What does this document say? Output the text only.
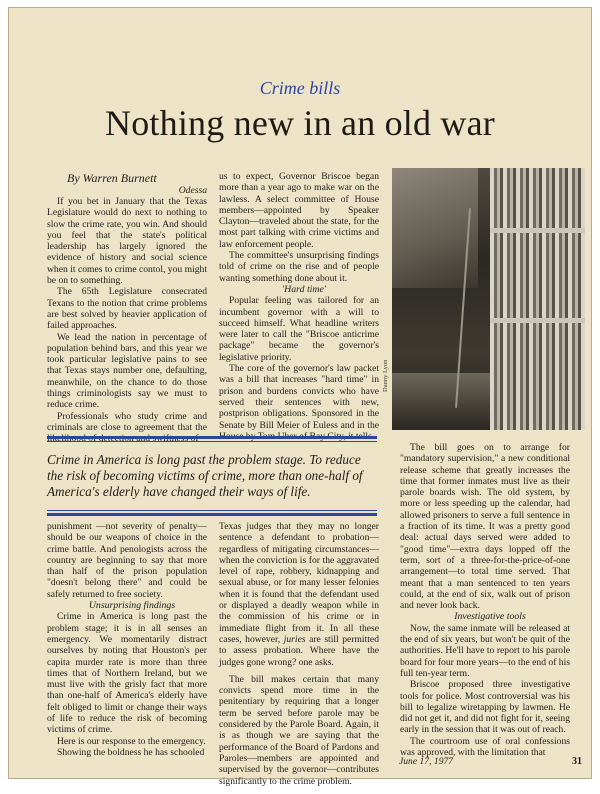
Crime bills
Nothing new in an old war
By Warren Burnett
Odessa

If you bet in January that the Texas Legislature would do next to nothing to slow the crime rate, you win. And should you feel that the state's political leadership has largely ignored the evidence of history and social science when it comes to crime contol, you might be on to something.

The 65th Legislature consecrated Texans to the notion that crime problems are best solved by heavier application of failed approaches.

We lead the nation in percentage of population behind bars, and this year we took particular legislative pains to see that Texas stays number one, defaulting, meanwhile, on the chance to do those things criminologists say we must to reduce crime.

Professionals who study crime and criminals are close to agreement that the

us to expect, Governor Briscoe began more than a year ago to make war on the lawless. A select committee of House members—appointed by Speaker Clayton—traveled about the state, for the most part talking with crime victims and law enforcement people.

The committee's unsurprising findings told of crime on the rise and of people wanting something done about it.

'Hard time'

Popular feeling was tailored for an incumbent governor with a will to succeed himself. What headline writers were later to call the "Briscoe anticrime package" became the governor's legislative priority.

The core of the governor's law packet was a bill that increases "hard time" in prison and burdens convicts who have served their sentences with new, postprison obligations. Sponsored in the Senate by Bill Meier of Euless and in the

Danny Lyon
Crime in America is long past the problem stage. To reduce the risk of becoming victims of crime, more than one-half of America's elderly have changed their ways of life.

The bill goes on to arrange for "mandatory supervision," a new conditional release scheme that greatly increases the time that former inmates must live as their parole boards wish. The old system, by more or less speeding up the calendar, had allowed prisoners to serve a full sentence in a fraction of its time. It was a pretty good deal: actual days served were added to "good time"—extra days lopped off the term, sort of a three-for-the-price-of-one arrangement—to total time served. That meant that a man sentenced to ten years could, at the end of six, walk out of prison and never look back.

Investigative tools

Now, the same inmate will be released at the end of six years, but won't be quit of the authorities. He'll have to report to his parole board for four more years—to the end of his full ten-year term.

Briscoe proposed three investigative tools for police. Most controversial was his bill to legalize wiretapping by lawmen. He did not get it, and did not fight for it, seeing early in the session that it was out of reach.

The courtroom use of oral confessions was approved, with the limitation that

punishment —not severity of penalty—should be our weapons of choice in the crime battle. And penologists across the country are beginning to say that more than half of the prison population "doesn't belong there" and could be safely returned to free society.

Unsurprising findings

Crime in America is long past the problem stage; it is in all senses an emergency. We momentarily distract ourselves by noting that Houston's per capita murder rate is more than three times that of Northern Ireland, but we must live with the grisly fact that more than one-half of America's elderly have felt obliged to limit or change their ways of life to reduce the risk of becoming victims of crime.

Here is our response to the emergency.

Showing the boldness he has schooled

Texas judges that they may no longer sentence a defendant to probation—regardless of mitigating circumstances—when the conviction is for the aggravated level of rape, robbery, kidnapping and sexual abuse, or for many lesser felonies when it is found that the defendant used or displayed a deadly weapon while in the commission of his crime or in immediate flight from it. In all these cases, however, juries are still permitted to assess probation. Where have the judges gone wrong? one asks.

The bill makes certain that many convicts spend more time in the penitentiary by requiring that a longer term be served before parole may be considered by the Parole Board. Again, it is as though we are saying that the performance of the Board of Pardons and Paroles—members are appointed and supervised by the governor—contributes significantly to the crime problem.

June 17, 1977	31
